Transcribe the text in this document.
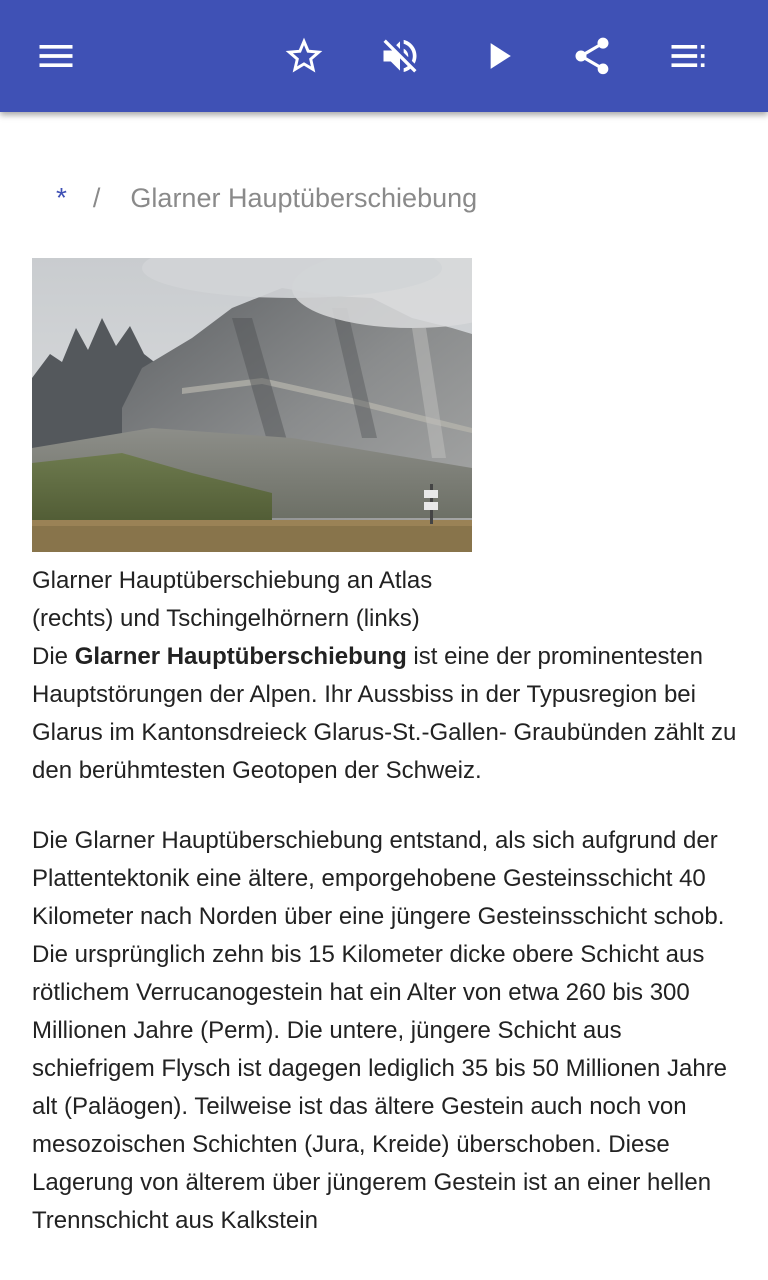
* / Glarner Hauptüberschiebung
Glarner Hauptüberschiebung an Atlas (rechts) und Tschingelhörnern (links)

Die Glarner Hauptüberschiebung ist eine der prominentesten Hauptstörungen der Alpen. Ihr Aussbiss in der Typusregion bei Glarus im Kantonsdreieck Glarus-St.-Gallen- Graubünden zählt zu den berühmtesten Geotopen der Schweiz.

Die Glarner Hauptüberschiebung entstand, als sich aufgrund der Plattentektonik eine ältere, emporgehobene Gesteinsschicht 40 Kilometer nach Norden über eine jüngere Gesteinsschicht schob. Die ursprünglich zehn bis 15 Kilometer dicke obere Schicht aus rötlichem Verrucanogestein hat ein Alter von etwa 260 bis 300 Millionen Jahre (Perm). Die untere, jüngere Schicht aus schiefrigem Flysch ist dagegen lediglich 35 bis 50 Millionen Jahre alt (Paläogen). Teilweise ist das ältere Gestein auch noch von mesozoischen Schichten (Jura, Kreide) überschoben. Diese Lagerung von älterem über jüngerem Gestein ist an einer hellen Trennschicht aus Kalkstein
